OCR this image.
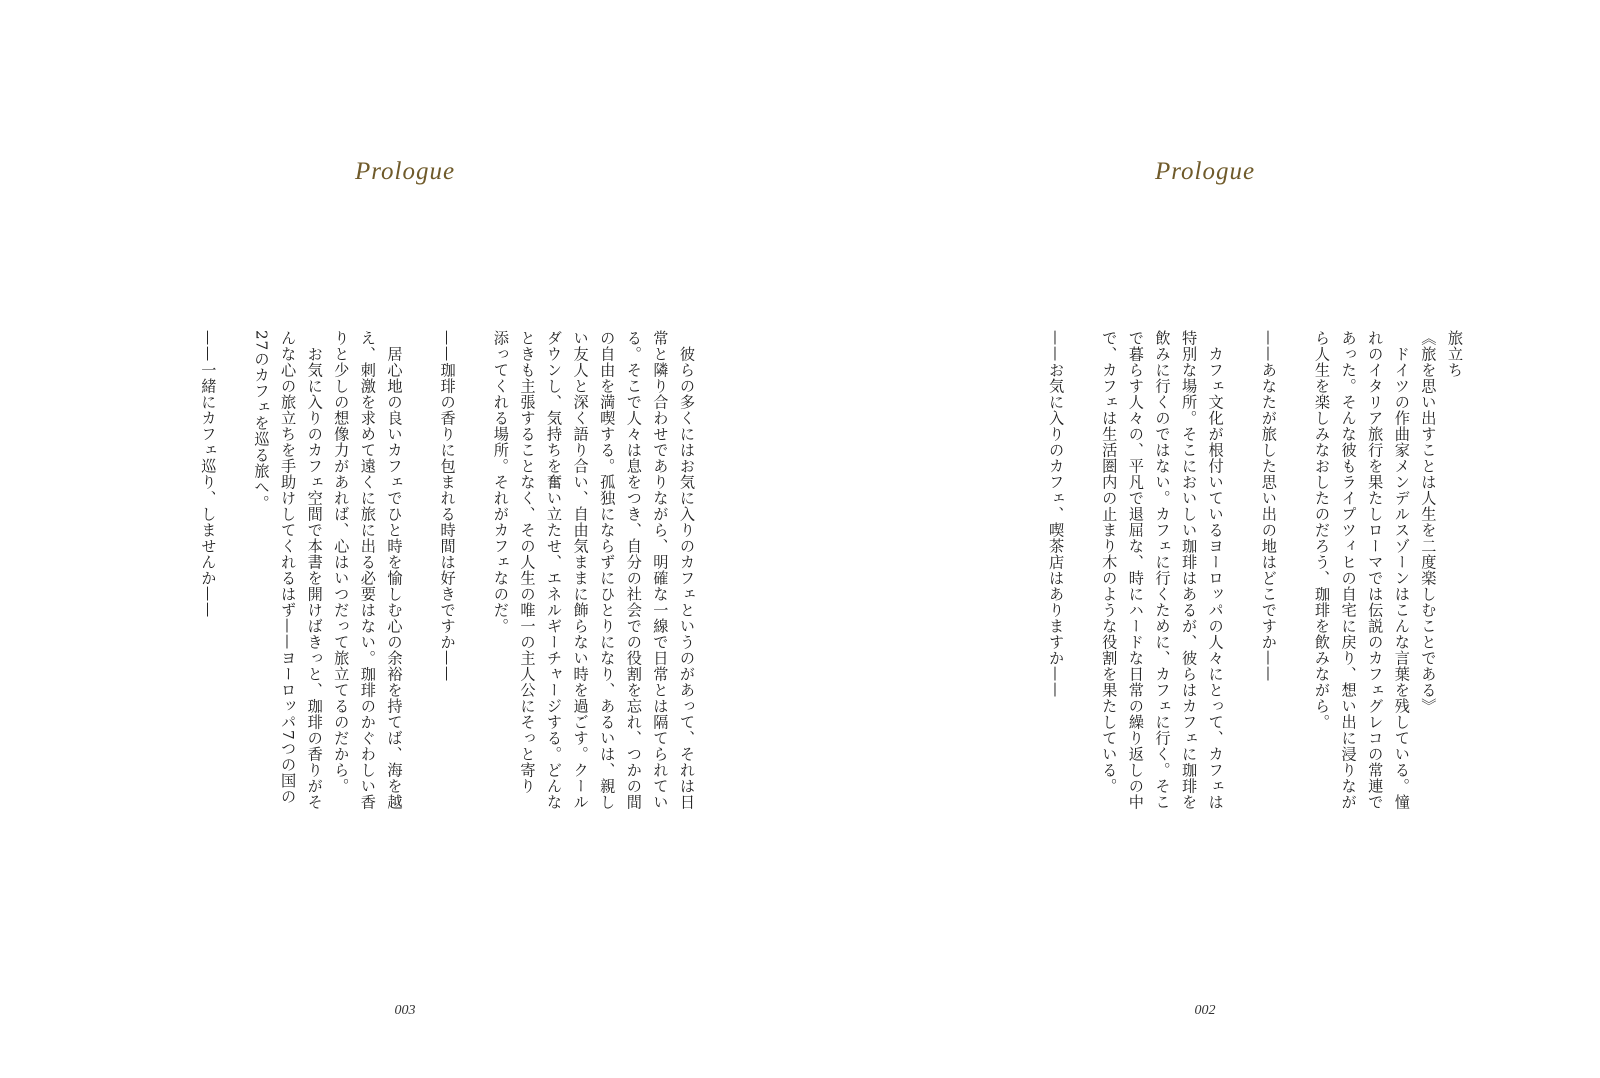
Prologue
　彼らの多くにはお気に入りのカフェというのがあって、それは日
常と隣り合わせでありながら、明確な一線で日常とは隔てられてい
る。そこで人々は息をつき、自分の社会での役割を忘れ、つかの間
の自由を満喫する。孤独にならずにひとりになり、あるいは、親し
い友人と深く語り合い、自由気ままに飾らない時を過ごす。クール
ダウンし、気持ちを奮い立たせ、エネルギーチャージする。どんな
ときも主張することなく、その人生の唯一の主人公にそっと寄り
添ってくれる場所。それがカフェなのだ。
——珈琲の香りに包まれる時間は好きですか——
　居心地の良いカフェでひと時を愉しむ心の余裕を持てば、海を越
え、刺激を求めて遠くに旅に出る必要はない。珈琲のかぐわしい香
りと少しの想像力があれば、心はいつだって旅立てるのだから。
　お気に入りのカフェ空間で本書を開けばきっと、珈琲の香りがそ
んな心の旅立ちを手助けしてくれるはず——ヨーロッパ7つの国の
27のカフェを巡る旅へ。
——一緒にカフェ巡り、しませんか——
003
Prologue
旅立ち
《旅を思い出すことは人生を二度楽しむことである》
　ドイツの作曲家メンデルスゾーンはこんな言葉を残している。憧
れのイタリア旅行を果たしローマでは伝説のカフェグレコの常連で
あった。そんな彼もライプツィヒの自宅に戻り、想い出に浸りなが
ら人生を楽しみなおしたのだろう、珈琲を飲みながら。
——あなたが旅した思い出の地はどこですか——
　カフェ文化が根付いているヨーロッパの人々にとって、カフェは
特別な場所。そこにおいしい珈琲はあるが、彼らはカフェに珈琲を
飲みに行くのではない。カフェに行くために、カフェに行く。そこ
で暮らす人々の、平凡で退屈な、時にハードな日常の繰り返しの中
で、カフェは生活圏内の止まり木のような役割を果たしている。
——お気に入りのカフェ、喫茶店はありますか——
002
